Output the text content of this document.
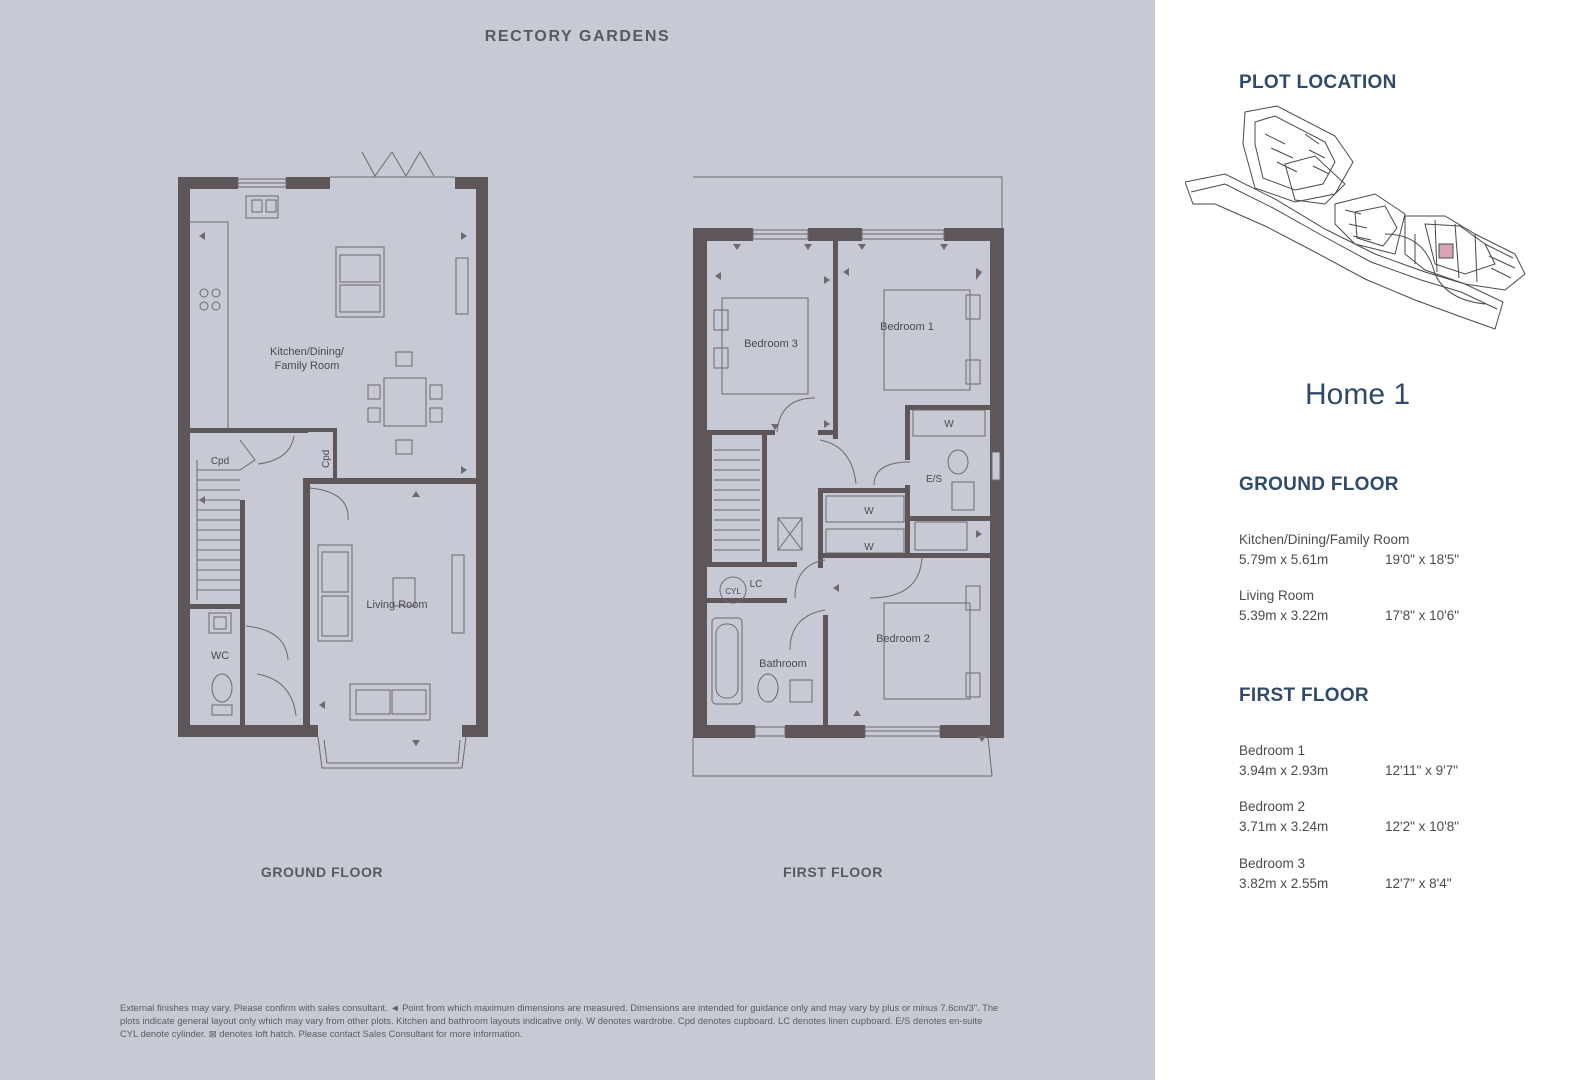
RECTORY GARDENS
Kitchen/Dining/
Family Room
Living Room
WC
Cpd	Cpd
Bedroom 3
Bedroom 1
Bedroom 2
Bathroom
E/S
W
W
W
LC
CYL
GROUND FLOOR	FIRST FLOOR
External finishes may vary. Please confirm with sales consultant. ◄ Point from which maximum dimensions are measured. Dimensions are intended for guidance only and may vary by plus or minus 7.6cm/3". The plots indicate general layout only which may vary from other plots. Kitchen and bathroom layouts indicative only. W denotes wardrobe. Cpd denotes cupboard. LC denotes linen cupboard. E/S denotes en-suite CYL denote cylinder. ⊠ denotes loft hatch. Please contact Sales Consultant for more information.
PLOT LOCATION
Home 1
GROUND FLOOR
Kitchen/Dining/Family Room
5.79m x 5.61m	19'0" x 18'5"
Living Room
5.39m x 3.22m	17'8" x 10'6"
FIRST FLOOR
Bedroom 1
3.94m x 2.93m	12'11" x 9'7"
Bedroom 2
3.71m x 3.24m	12'2" x 10'8"
Bedroom 3
3.82m x 2.55m	12'7" x 8'4"
